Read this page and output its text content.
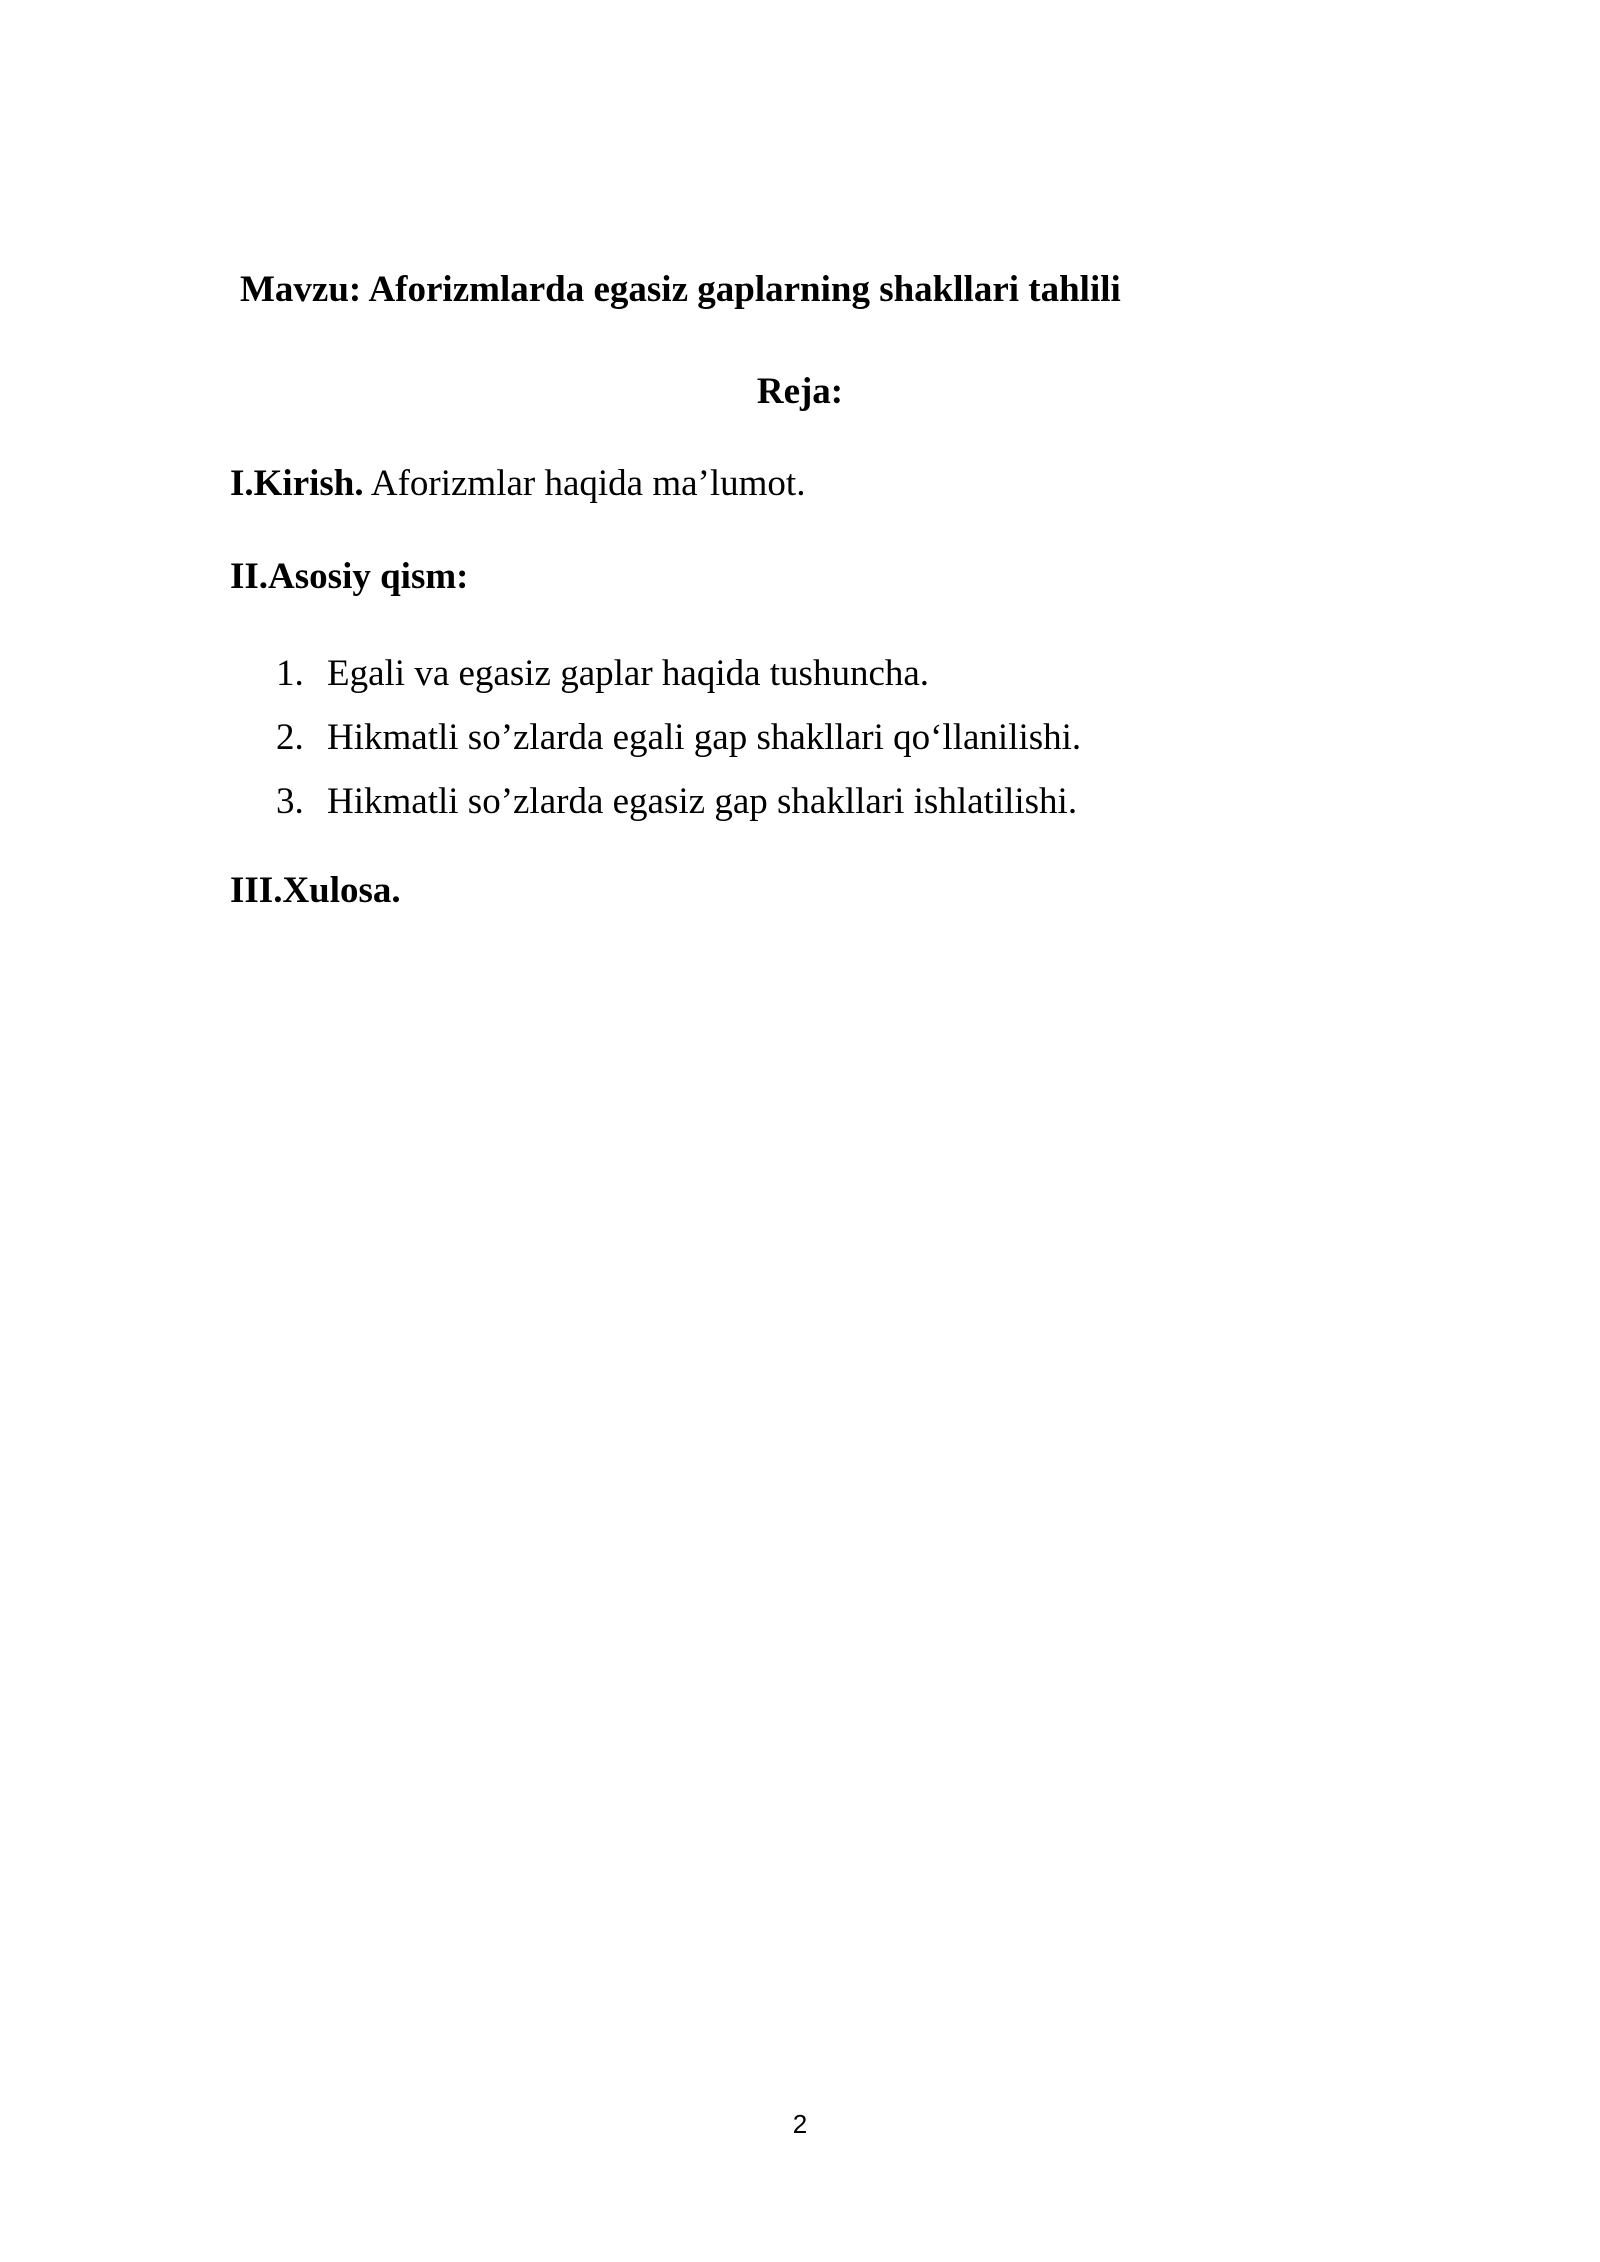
Mavzu: Aforizmlarda egasiz gaplarning shakllari tahlili
Reja:
I.Kirish. Aforizmlar haqida ma’lumot.
II.Asosiy qism:
1. Egali va egasiz gaplar haqida tushuncha.
2. Hikmatli so’zlarda egali gap shakllari qo‘llanilishi.
3. Hikmatli so’zlarda egasiz gap shakllari ishlatilishi.
III.Xulosa.
2
